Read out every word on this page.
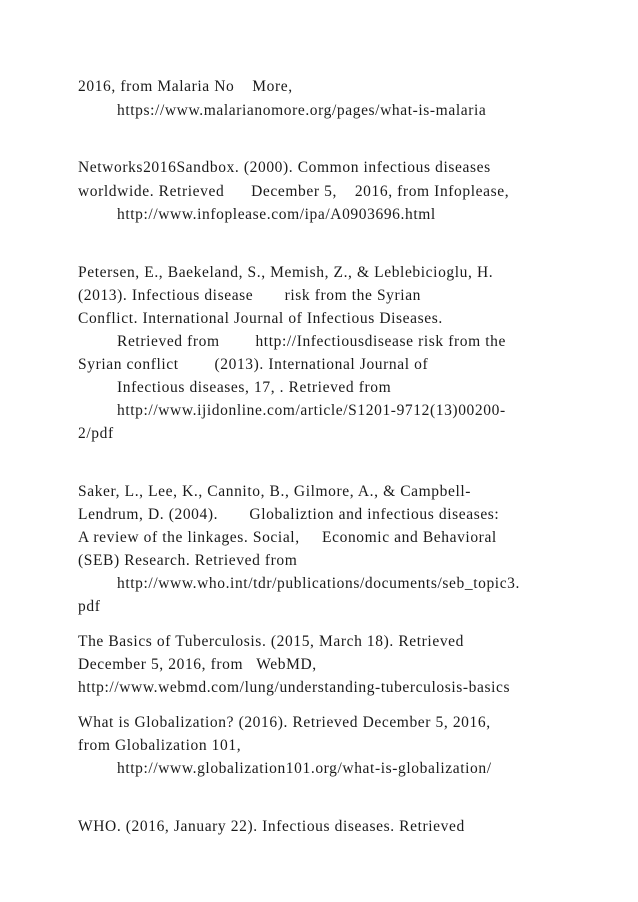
2016, from Malaria No    More,
https://www.malarianomore.org/pages/what-is-malaria
Networks2016Sandbox. (2000). Common infectious diseases
worldwide. Retrieved      December 5,    2016, from Infoplease,
http://www.infoplease.com/ipa/A0903696.html
Petersen, E., Baekeland, S., Memish, Z., & Leblebicioglu, H.
(2013). Infectious disease       risk from the Syrian
Conflict. International Journal of Infectious Diseases.
Retrieved from        http://Infectiousdisease risk from the
Syrian conflict        (2013). International Journal of
Infectious diseases, 17, . Retrieved from
http://www.ijidonline.com/article/S1201-9712(13)00200-
2/pdf
Saker, L., Lee, K., Cannito, B., Gilmore, A., & Campbell-
Lendrum, D. (2004).       Globaliztion and infectious diseases:
A review of the linkages. Social,     Economic and Behavioral
(SEB) Research. Retrieved from
http://www.who.int/tdr/publications/documents/seb_topic3.
pdf
The Basics of Tuberculosis. (2015, March 18). Retrieved
December 5, 2016, from   WebMD,
http://www.webmd.com/lung/understanding-tuberculosis-basics
What is Globalization? (2016). Retrieved December 5, 2016,
from Globalization 101,
http://www.globalization101.org/what-is-globalization/
WHO. (2016, January 22). Infectious diseases. Retrieved
